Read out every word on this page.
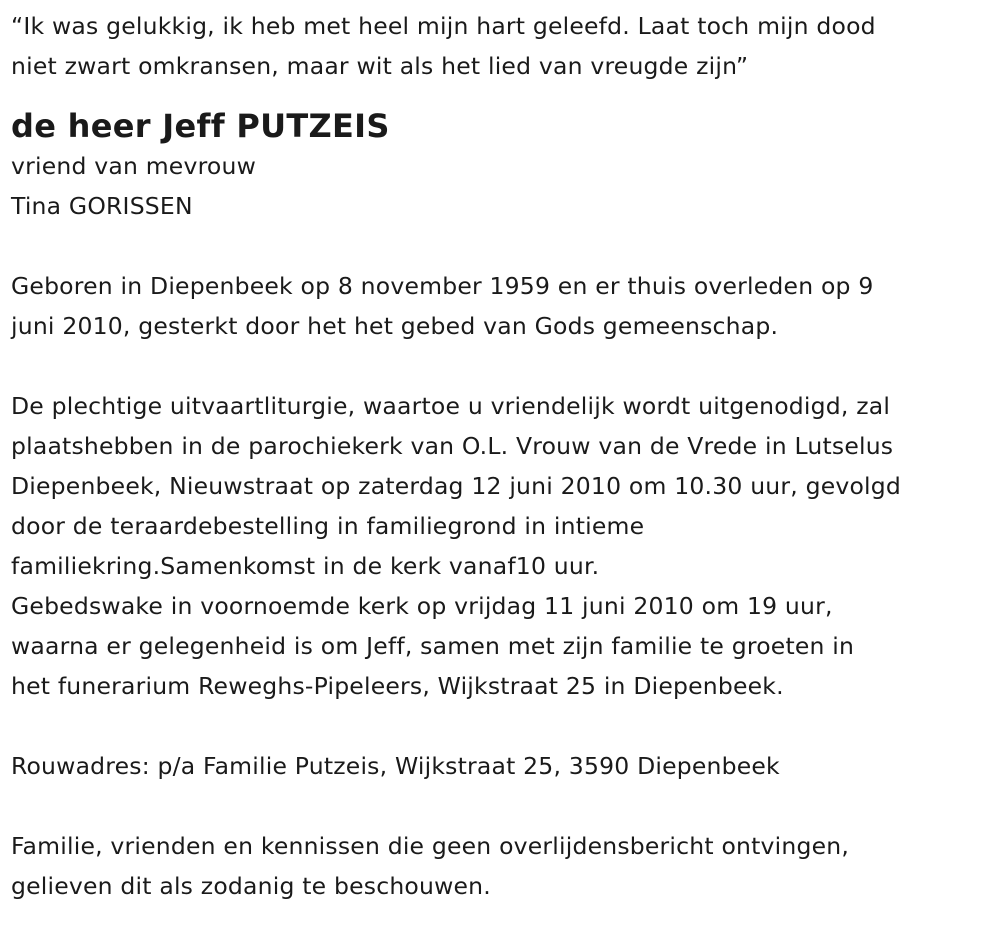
“Ik was gelukkig, ik heb met heel mijn hart geleefd. Laat toch mijn dood

niet zwart omkransen, maar wit als het lied van vreugde zijn”

de heer Jeff PUTZEIS

vriend van mevrouw

Tina GORISSEN

Geboren in Diepenbeek op 8 november 1959 en er thuis overleden op 9

juni 2010, gesterkt door het het gebed van Gods gemeenschap.

De plechtige uitvaartliturgie, waartoe u vriendelijk wordt uitgenodigd, zal

plaatshebben in de parochiekerk van O.L. Vrouw van de Vrede in Lutselus

Diepenbeek, Nieuwstraat op zaterdag 12 juni 2010 om 10.30 uur, gevolgd

door de teraardebestelling in familiegrond in intieme

familiekring.Samenkomst in de kerk vanaf10 uur.

Gebedswake in voornoemde kerk op vrijdag 11 juni 2010 om 19 uur,

waarna er gelegenheid is om Jeff, samen met zijn familie te groeten in

het funerarium Reweghs-Pipeleers, Wijkstraat 25 in Diepenbeek.

Rouwadres: p/a Familie Putzeis, Wijkstraat 25, 3590 Diepenbeek

Familie, vrienden en kennissen die geen overlijdensbericht ontvingen,

gelieven dit als zodanig te beschouwen.
